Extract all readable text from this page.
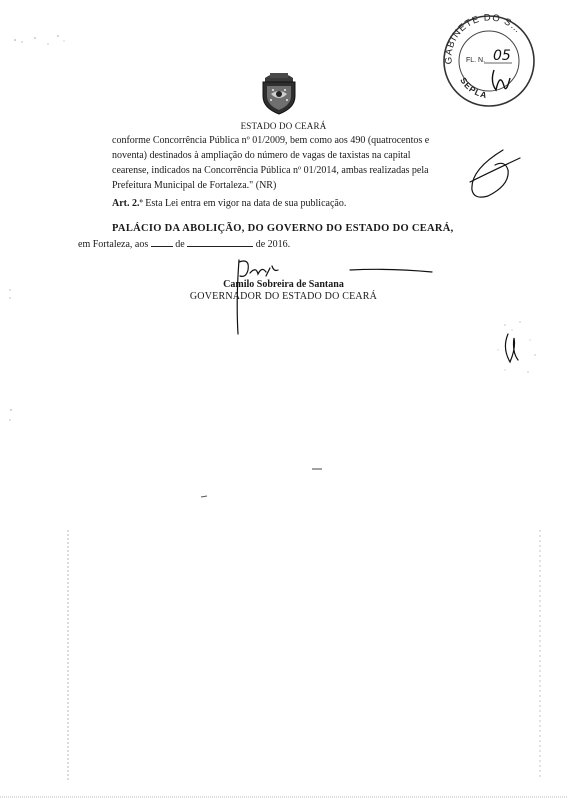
ESTADO DO CEARÁ
GABINETE DO S…
SEPLA
FL. N. 05

conforme Concorrência Pública nº 01/2009, bem como aos 490 (quatrocentos e

noventa) destinados à ampliação do número de vagas de taxistas na capital

cearense, indicados na Concorrência Pública nº 01/2014, ambas realizadas pela

Prefeitura Municipal de Fortaleza." (NR)

Art. 2.º Esta Lei entra em vigor na data de sua publicação.
PALÁCIO DA ABOLIÇÃO, DO GOVERNO DO ESTADO DO CEARÁ,
em Fortaleza, aos	de	de 2016.
Camilo Sobreira de Santana
GOVERNADOR DO ESTADO DO CEARÁ
